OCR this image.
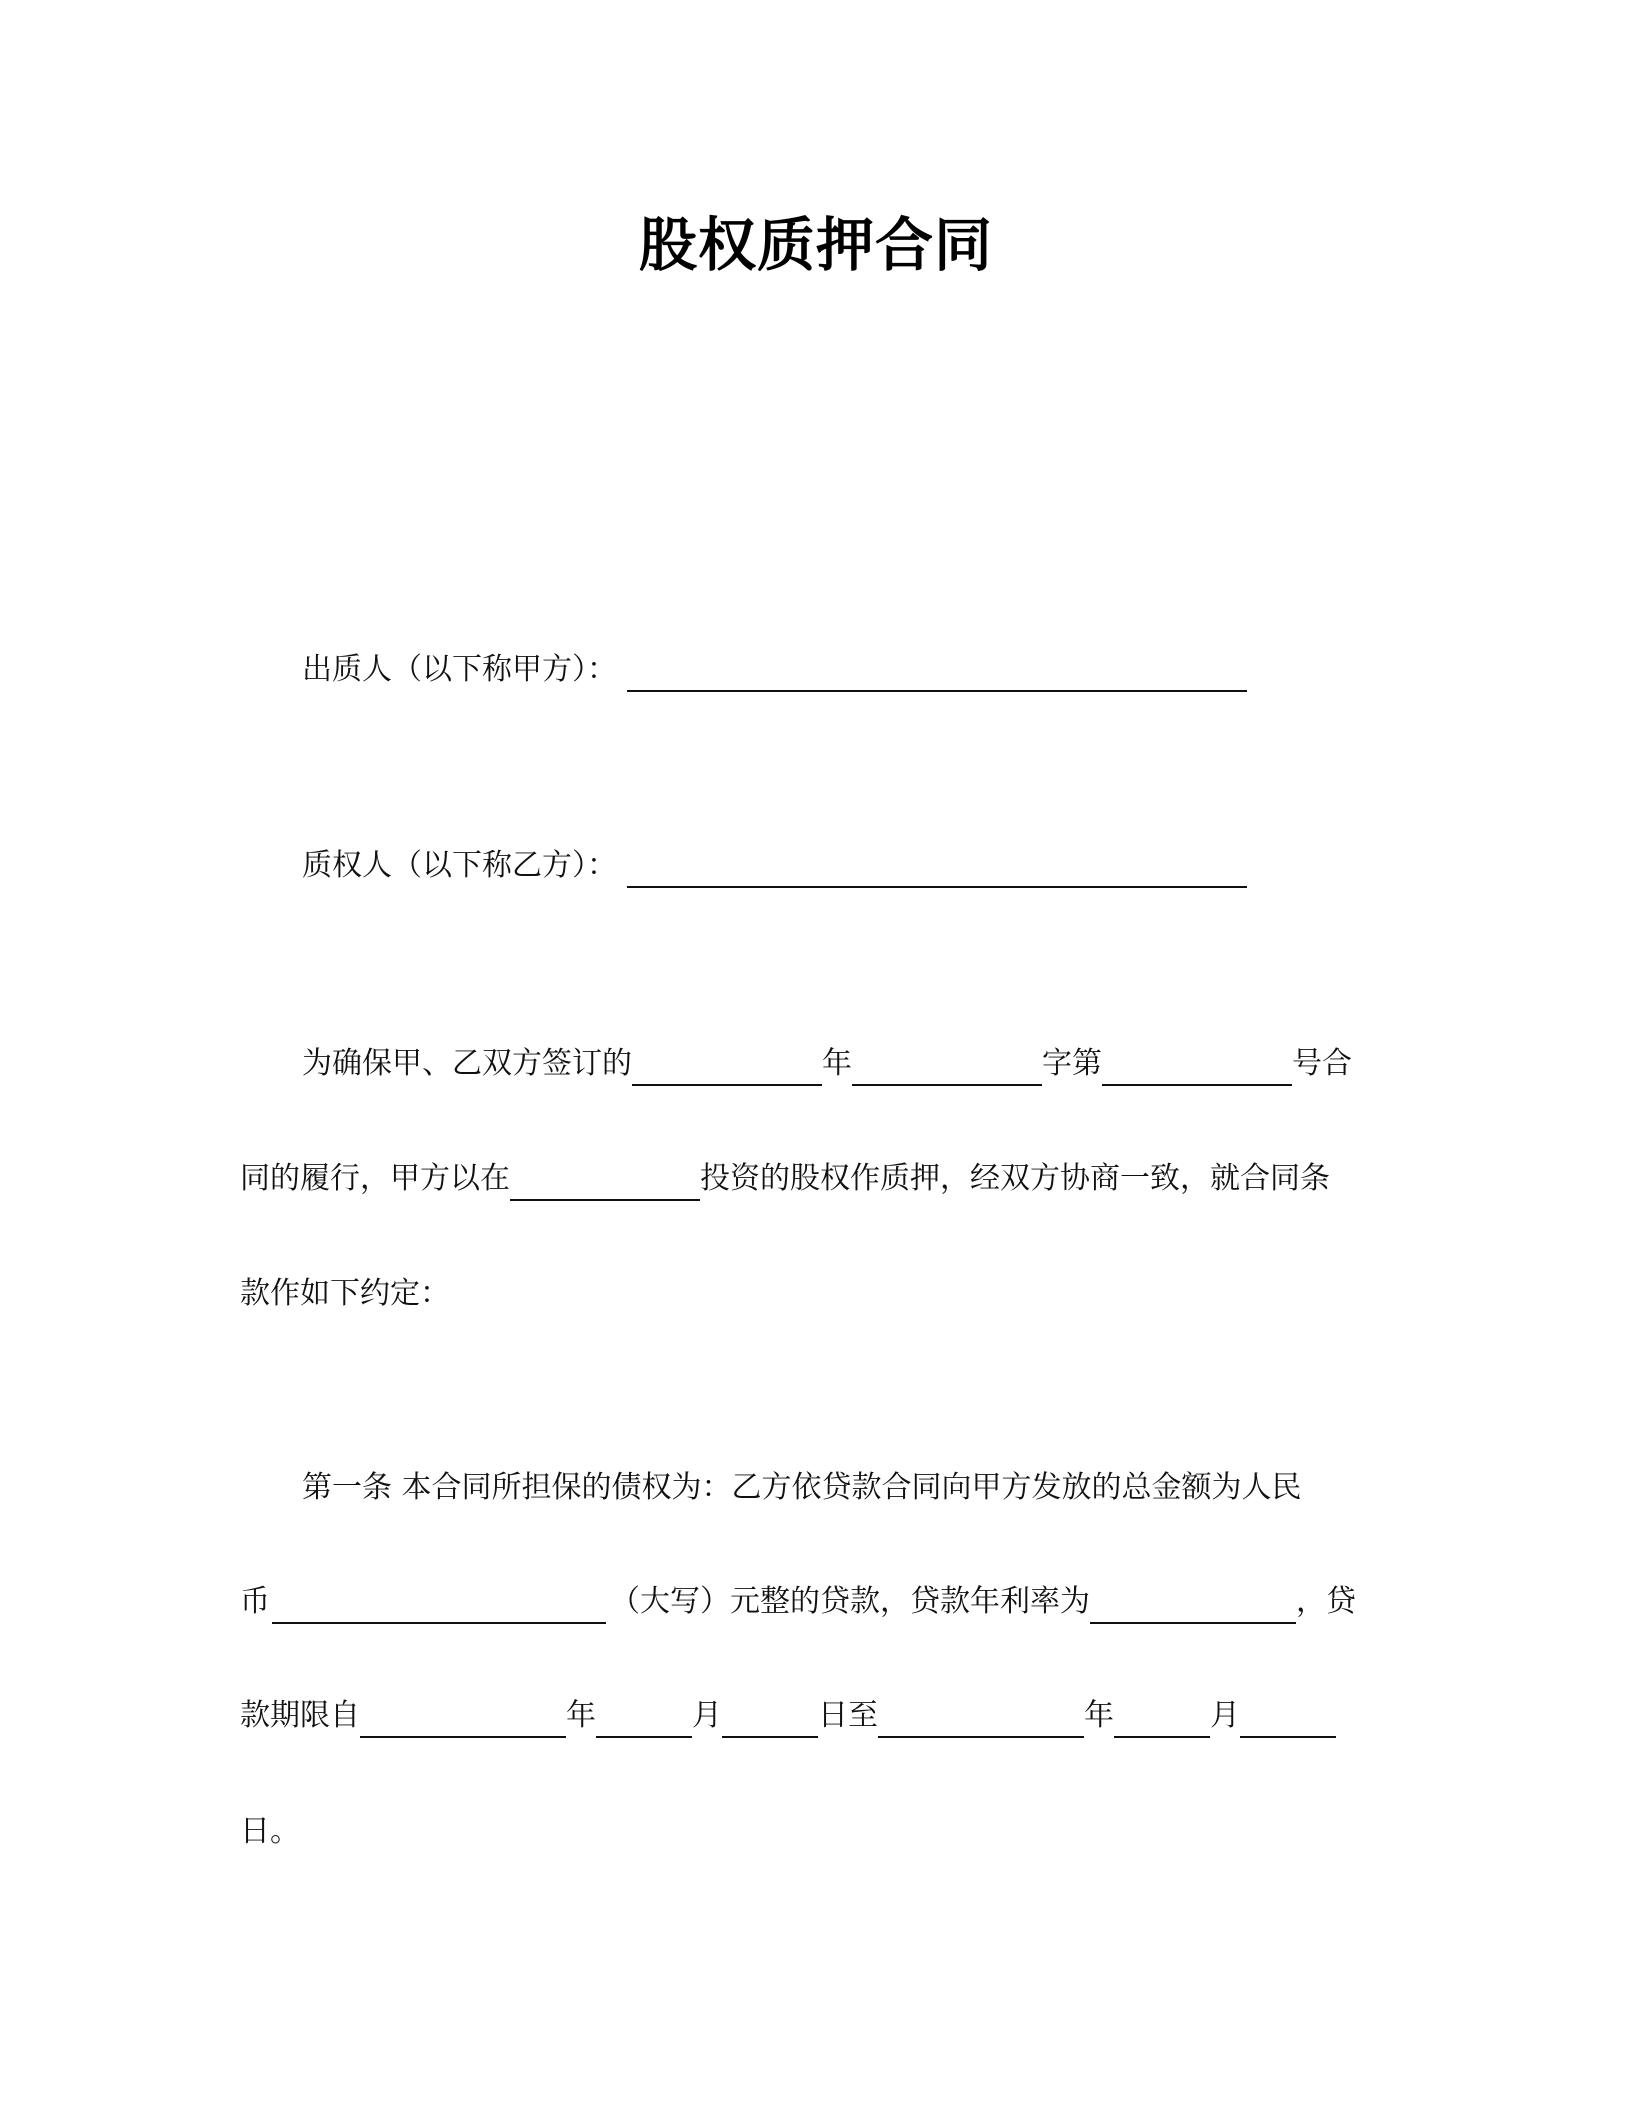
股权质押合同
出质人（以下称甲方）：
质权人（以下称乙方）：
为确保甲、乙双方签订的	年	字第	号合
同的履行，甲方以在	投资的股权作质押，经双方协商一致，就合同条
款作如下约定：
第一条 本合同所担保的债权为：乙方依贷款合同向甲方发放的总金额为人民
币	（大写）元整的贷款，贷款年利率为	，贷
款期限自	年	月	日至	年	月
日。
